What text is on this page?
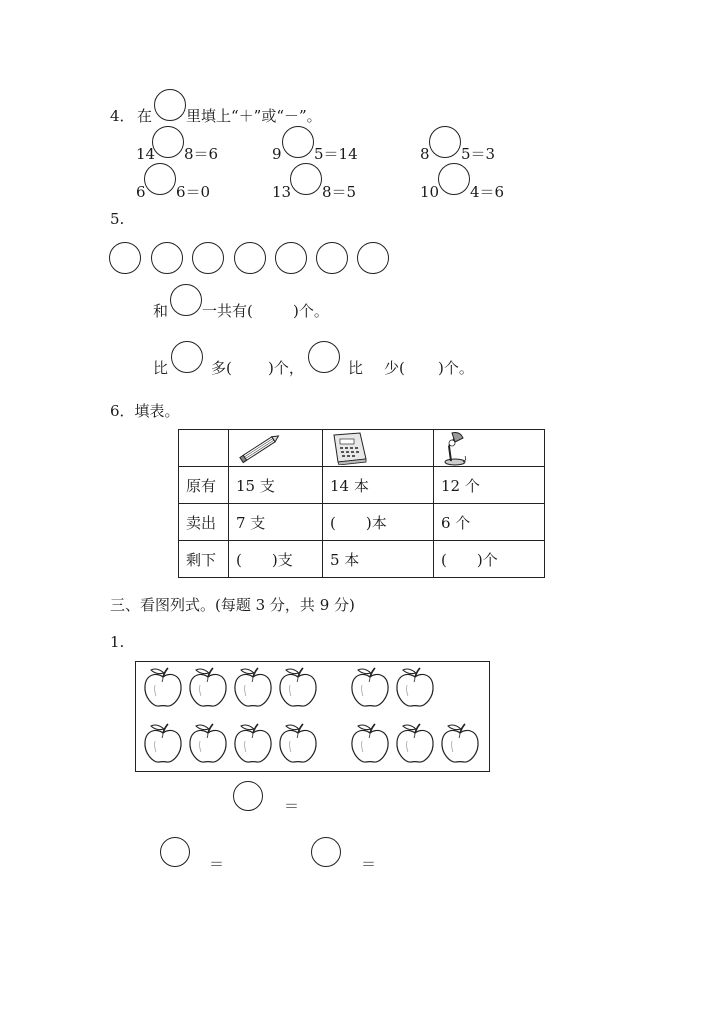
4． 在 里填上“＋”或“－”。
14 8＝6	9 5＝14	8 5＝3
6 6＝0	13 8＝5	10 4＝6
5.
和 一共有(	)个。
比	多( )个，	比 少( )个。
6．填表。

原有	15 支	14 本	12 个
卖出	7 支	(　　)本	6 个
剩下	(　　)支	5 本	(　　)个
三、看图列式。(每题 3 分，共 9 分)
1.
＝
＝	＝
